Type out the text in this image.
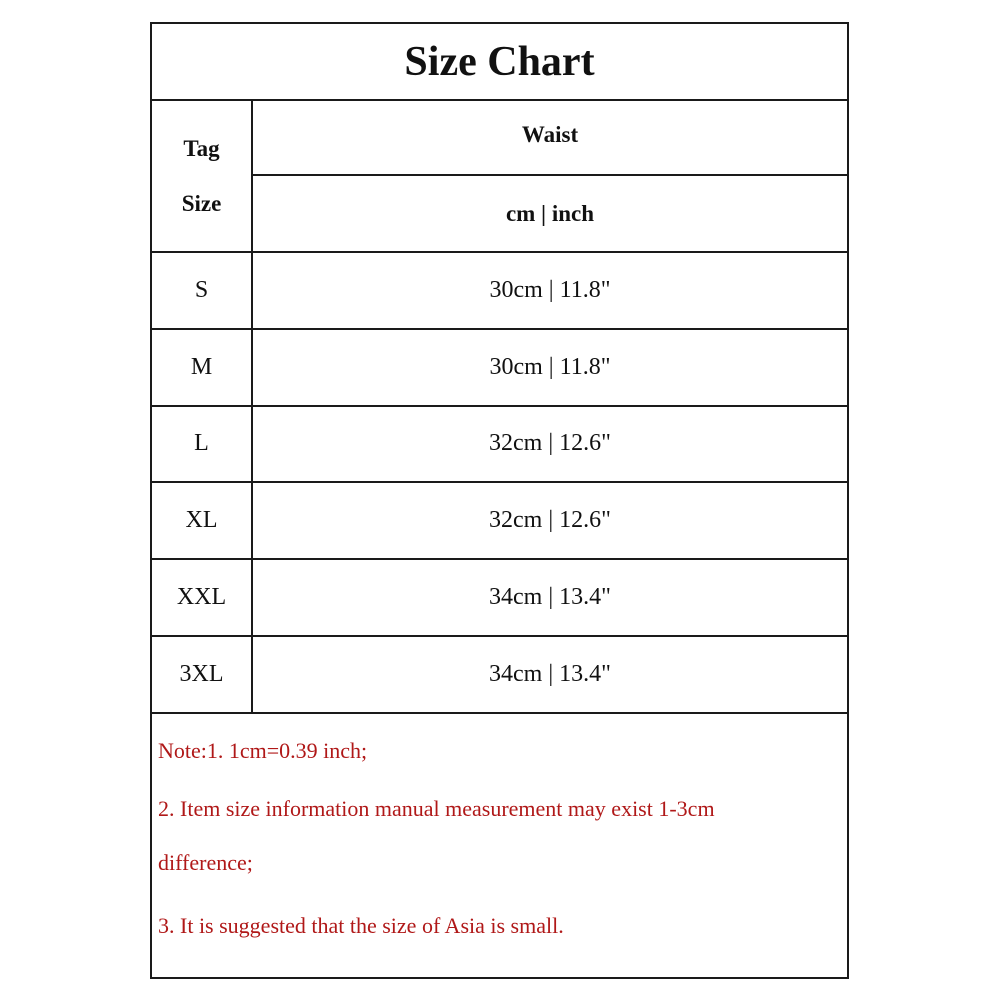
Size Chart
Tag
Size
Waist
cm | inch
S	30cm | 11.8"
M	30cm | 11.8"
L	32cm | 12.6"
XL	32cm | 12.6"
XXL	34cm | 13.4"
3XL	34cm | 13.4"
Note:1. 1cm=0.39 inch;
2. Item size information manual measurement may exist 1-3cm
difference;
3. It is suggested that the size of Asia is small.
